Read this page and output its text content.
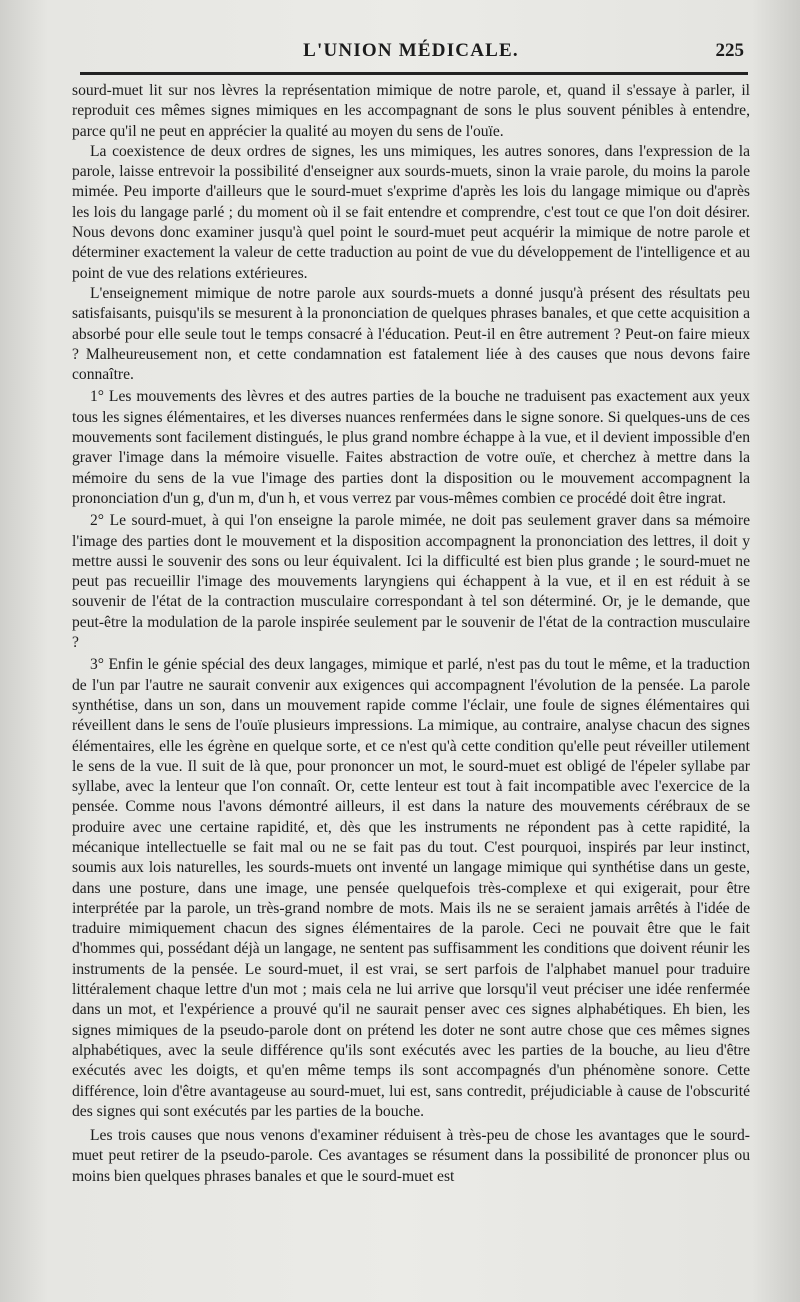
L'UNION MÉDICALE.	225

sourd-muet lit sur nos lèvres la représentation mimique de notre parole, et, quand il s'essaye à parler, il reproduit ces mêmes signes mimiques en les accompagnant de sons le plus souvent pénibles à entendre, parce qu'il ne peut en apprécier la qualité au moyen du sens de l'ouïe.

La coexistence de deux ordres de signes, les uns mimiques, les autres sonores, dans l'expression de la parole, laisse entrevoir la possibilité d'enseigner aux sourds-muets, sinon la vraie parole, du moins la parole mimée. Peu importe d'ailleurs que le sourd-muet s'exprime d'après les lois du langage mimique ou d'après les lois du langage parlé ; du moment où il se fait entendre et comprendre, c'est tout ce que l'on doit désirer. Nous devons donc examiner jusqu'à quel point le sourd-muet peut acquérir la mimique de notre parole et déterminer exactement la valeur de cette traduction au point de vue du développement de l'intelligence et au point de vue des relations extérieures.

L'enseignement mimique de notre parole aux sourds-muets a donné jusqu'à présent des résultats peu satisfaisants, puisqu'ils se mesurent à la prononciation de quelques phrases banales, et que cette acquisition a absorbé pour elle seule tout le temps consacré à l'éducation. Peut-il en être autrement ? Peut-on faire mieux ? Malheureusement non, et cette condamnation est fatalement liée à des causes que nous devons faire connaître.

1° Les mouvements des lèvres et des autres parties de la bouche ne traduisent pas exactement aux yeux tous les signes élémentaires, et les diverses nuances renfermées dans le signe sonore. Si quelques-uns de ces mouvements sont facilement distingués, le plus grand nombre échappe à la vue, et il devient impossible d'en graver l'image dans la mémoire visuelle. Faites abstraction de votre ouïe, et cherchez à mettre dans la mémoire du sens de la vue l'image des parties dont la disposition ou le mouvement accompagnent la prononciation d'un g, d'un m, d'un h, et vous verrez par vous-mêmes combien ce procédé doit être ingrat.

2° Le sourd-muet, à qui l'on enseigne la parole mimée, ne doit pas seulement graver dans sa mémoire l'image des parties dont le mouvement et la disposition accompagnent la prononciation des lettres, il doit y mettre aussi le souvenir des sons ou leur équivalent. Ici la difficulté est bien plus grande ; le sourd-muet ne peut pas recueillir l'image des mouvements laryngiens qui échappent à la vue, et il en est réduit à se souvenir de l'état de la contraction musculaire correspondant à tel son déterminé. Or, je le demande, que peut-être la modulation de la parole inspirée seulement par le souvenir de l'état de la contraction musculaire ?

3° Enfin le génie spécial des deux langages, mimique et parlé, n'est pas du tout le même, et la traduction de l'un par l'autre ne saurait convenir aux exigences qui accompagnent l'évolution de la pensée. La parole synthétise, dans un son, dans un mouvement rapide comme l'éclair, une foule de signes élémentaires qui réveillent dans le sens de l'ouïe plusieurs impressions. La mimique, au contraire, analyse chacun des signes élémentaires, elle les égrène en quelque sorte, et ce n'est qu'à cette condition qu'elle peut réveiller utilement le sens de la vue. Il suit de là que, pour prononcer un mot, le sourd-muet est obligé de l'épeler syllabe par syllabe, avec la lenteur que l'on connaît. Or, cette lenteur est tout à fait incompatible avec l'exercice de la pensée. Comme nous l'avons démontré ailleurs, il est dans la nature des mouvements cérébraux de se produire avec une certaine rapidité, et, dès que les instruments ne répondent pas à cette rapidité, la mécanique intellectuelle se fait mal ou ne se fait pas du tout. C'est pourquoi, inspirés par leur instinct, soumis aux lois naturelles, les sourds-muets ont inventé un langage mimique qui synthétise dans un geste, dans une posture, dans une image, une pensée quelquefois très-complexe et qui exigerait, pour être interprétée par la parole, un très-grand nombre de mots. Mais ils ne se seraient jamais arrêtés à l'idée de traduire mimiquement chacun des signes élémentaires de la parole. Ceci ne pouvait être que le fait d'hommes qui, possédant déjà un langage, ne sentent pas suffisamment les conditions que doivent réunir les instruments de la pensée. Le sourd-muet, il est vrai, se sert parfois de l'alphabet manuel pour traduire littéralement chaque lettre d'un mot ; mais cela ne lui arrive que lorsqu'il veut préciser une idée renfermée dans un mot, et l'expérience a prouvé qu'il ne saurait penser avec ces signes alphabétiques. Eh bien, les signes mimiques de la pseudo-parole dont on prétend les doter ne sont autre chose que ces mêmes signes alphabétiques, avec la seule différence qu'ils sont exécutés avec les parties de la bouche, au lieu d'être exécutés avec les doigts, et qu'en même temps ils sont accompagnés d'un phénomène sonore. Cette différence, loin d'être avantageuse au sourd-muet, lui est, sans contredit, préjudiciable à cause de l'obscurité des signes qui sont exécutés par les parties de la bouche.

Les trois causes que nous venons d'examiner réduisent à très-peu de chose les avantages que le sourd-muet peut retirer de la pseudo-parole. Ces avantages se résument dans la possibilité de prononcer plus ou moins bien quelques phrases banales et que le sourd-muet est
